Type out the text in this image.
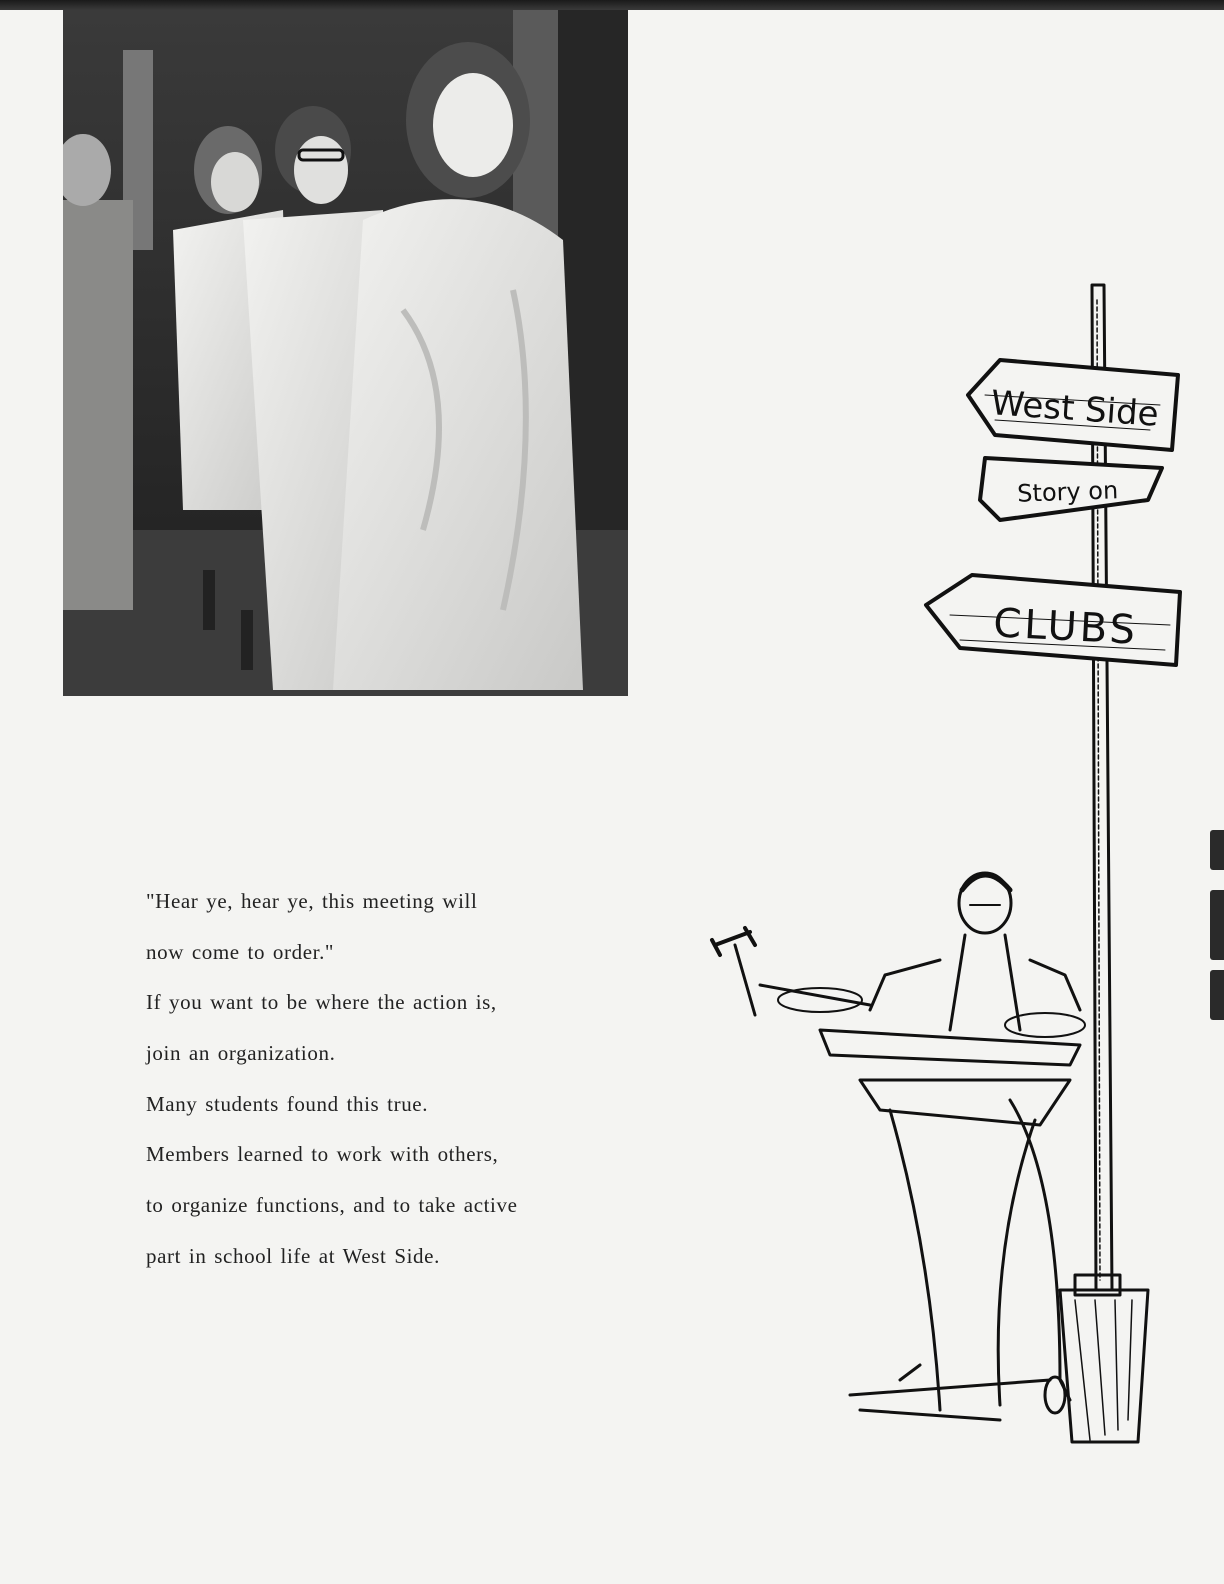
"Hear ye, hear ye, this meeting will

now come to order."

If you want to be where the action is,

join an organization.

Many students found this true.

Members learned to work with others,

to organize functions, and to take active

part in school life at West Side.

West Side
Story on
CLUBS
